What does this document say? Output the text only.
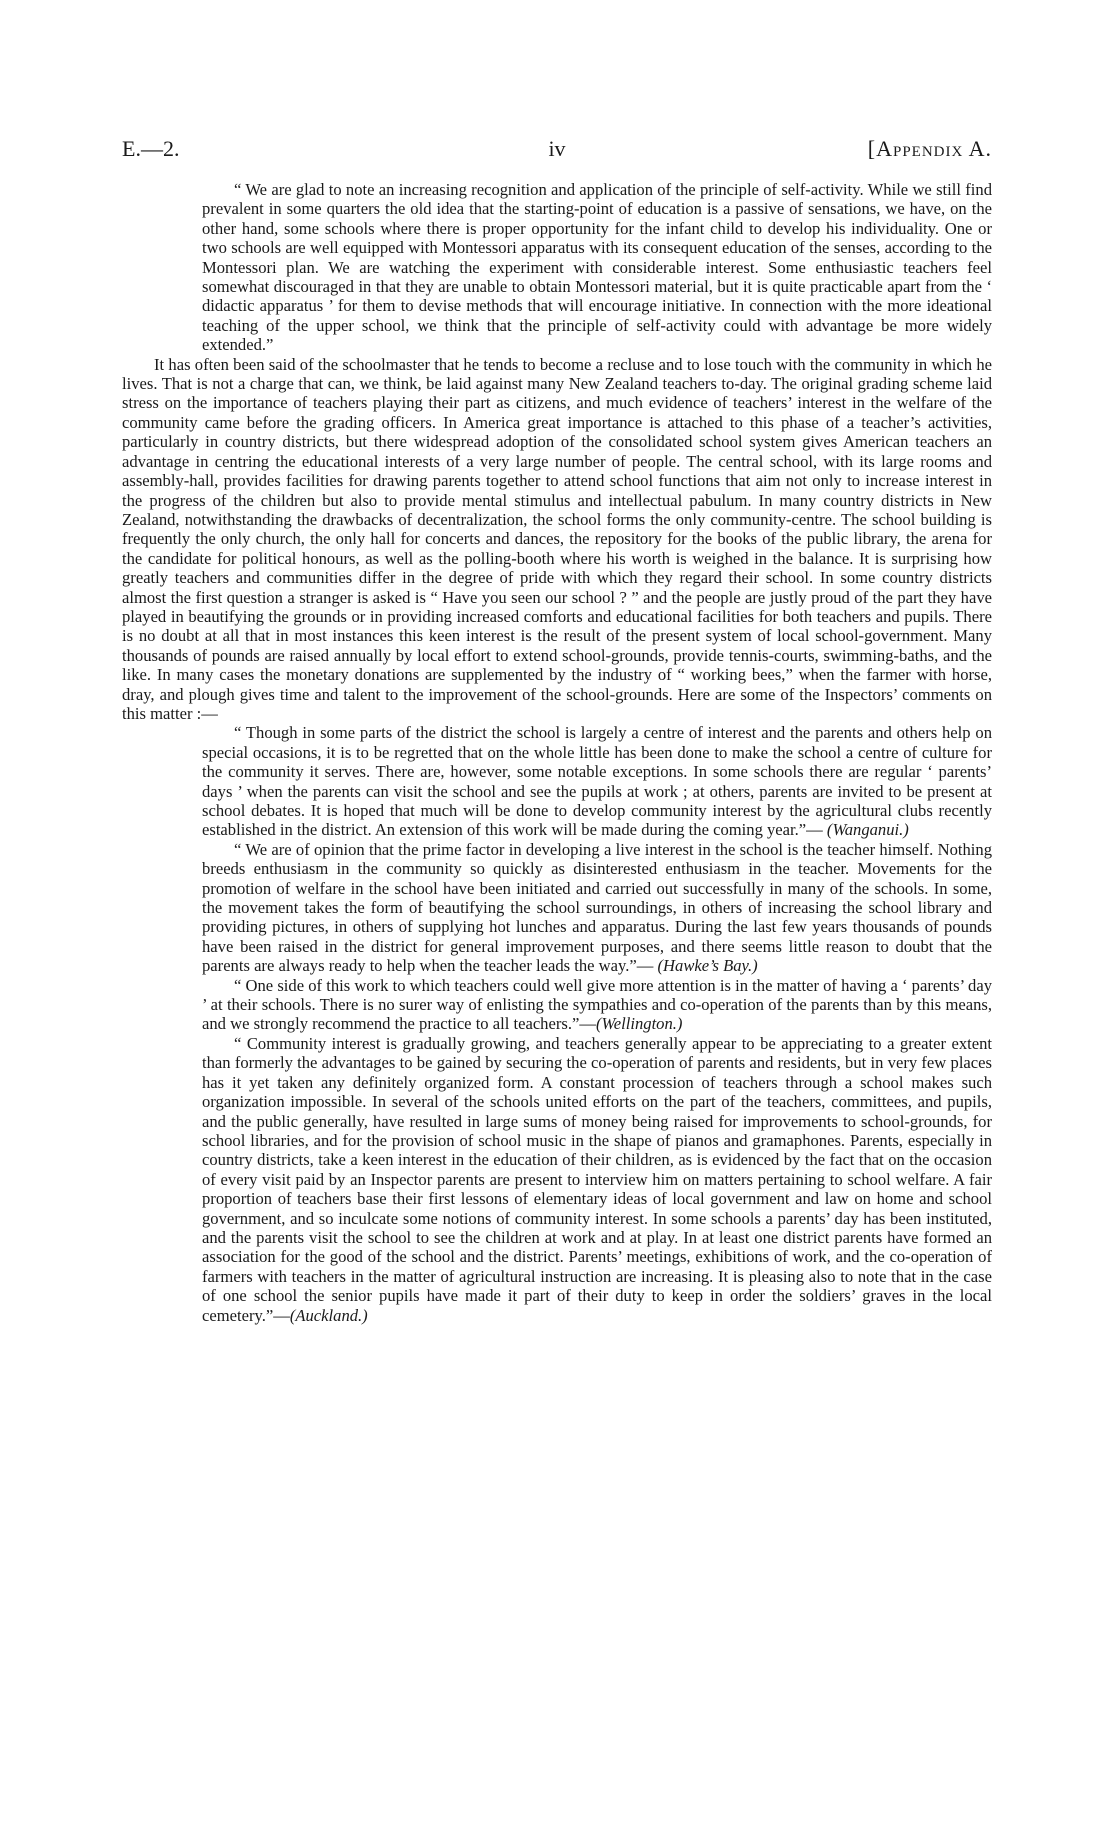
E.—2.	iv	[Appendix A.

“ We are glad to note an increasing recognition and application of the principle of self-activity. While we still find prevalent in some quarters the old idea that the starting-point of education is a passive of sensations, we have, on the other hand, some schools where there is proper opportunity for the infant child to develop his individuality. One or two schools are well equipped with Montessori apparatus with its consequent education of the senses, according to the Montessori plan. We are watching the experiment with considerable interest. Some enthusiastic teachers feel somewhat discouraged in that they are unable to obtain Montessori material, but it is quite practicable apart from the ‘ didactic apparatus ’ for them to devise methods that will encourage initiative. In connection with the more ideational teaching of the upper school, we think that the principle of self-activity could with advantage be more widely extended.”

It has often been said of the schoolmaster that he tends to become a recluse and to lose touch with the community in which he lives. That is not a charge that can, we think, be laid against many New Zealand teachers to-day. The original grading scheme laid stress on the importance of teachers playing their part as citizens, and much evidence of teachers’ interest in the welfare of the community came before the grading officers. In America great importance is attached to this phase of a teacher’s activities, particularly in country districts, but there widespread adoption of the consolidated school system gives American teachers an advantage in centring the educational interests of a very large number of people. The central school, with its large rooms and assembly-hall, provides facilities for drawing parents together to attend school functions that aim not only to increase interest in the progress of the children but also to provide mental stimulus and intellectual pabulum. In many country districts in New Zealand, notwithstanding the drawbacks of decentralization, the school forms the only community-centre. The school building is frequently the only church, the only hall for concerts and dances, the repository for the books of the public library, the arena for the candidate for political honours, as well as the polling-booth where his worth is weighed in the balance. It is surprising how greatly teachers and communities differ in the degree of pride with which they regard their school. In some country districts almost the first question a stranger is asked is “ Have you seen our school ? ” and the people are justly proud of the part they have played in beautifying the grounds or in providing increased comforts and educational facilities for both teachers and pupils. There is no doubt at all that in most instances this keen interest is the result of the present system of local school-government. Many thousands of pounds are raised annually by local effort to extend school-grounds, provide tennis-courts, swimming-baths, and the like. In many cases the monetary donations are supplemented by the industry of “ working bees,” when the farmer with horse, dray, and plough gives time and talent to the improvement of the school-grounds. Here are some of the Inspectors’ comments on this matter :—

“ Though in some parts of the district the school is largely a centre of interest and the parents and others help on special occasions, it is to be regretted that on the whole little has been done to make the school a centre of culture for the community it serves. There are, however, some notable exceptions. In some schools there are regular ‘ parents’ days ’ when the parents can visit the school and see the pupils at work ; at others, parents are invited to be present at school debates. It is hoped that much will be done to develop community interest by the agricultural clubs recently established in the district. An extension of this work will be made during the coming year.”— (Wanganui.)

“ We are of opinion that the prime factor in developing a live interest in the school is the teacher himself. Nothing breeds enthusiasm in the community so quickly as disinterested enthusiasm in the teacher. Movements for the promotion of welfare in the school have been initiated and carried out successfully in many of the schools. In some, the movement takes the form of beautifying the school surroundings, in others of increasing the school library and providing pictures, in others of supplying hot lunches and apparatus. During the last few years thousands of pounds have been raised in the district for general improvement purposes, and there seems little reason to doubt that the parents are always ready to help when the teacher leads the way.”— (Hawke’s Bay.)

“ One side of this work to which teachers could well give more attention is in the matter of having a ‘ parents’ day ’ at their schools. There is no surer way of enlisting the sympathies and co-operation of the parents than by this means, and we strongly recommend the practice to all teachers.”—(Wellington.)

“ Community interest is gradually growing, and teachers generally appear to be appreciating to a greater extent than formerly the advantages to be gained by securing the co-operation of parents and residents, but in very few places has it yet taken any definitely organized form. A constant procession of teachers through a school makes such organization impossible. In several of the schools united efforts on the part of the teachers, committees, and pupils, and the public generally, have resulted in large sums of money being raised for improvements to school-grounds, for school libraries, and for the provision of school music in the shape of pianos and gramaphones. Parents, especially in country districts, take a keen interest in the education of their children, as is evidenced by the fact that on the occasion of every visit paid by an Inspector parents are present to interview him on matters pertaining to school welfare. A fair proportion of teachers base their first lessons of elementary ideas of local government and law on home and school government, and so inculcate some notions of community interest. In some schools a parents’ day has been instituted, and the parents visit the school to see the children at work and at play. In at least one district parents have formed an association for the good of the school and the district. Parents’ meetings, exhibitions of work, and the co-operation of farmers with teachers in the matter of agricultural instruction are increasing. It is pleasing also to note that in the case of one school the senior pupils have made it part of their duty to keep in order the soldiers’ graves in the local cemetery.”—(Auckland.)
